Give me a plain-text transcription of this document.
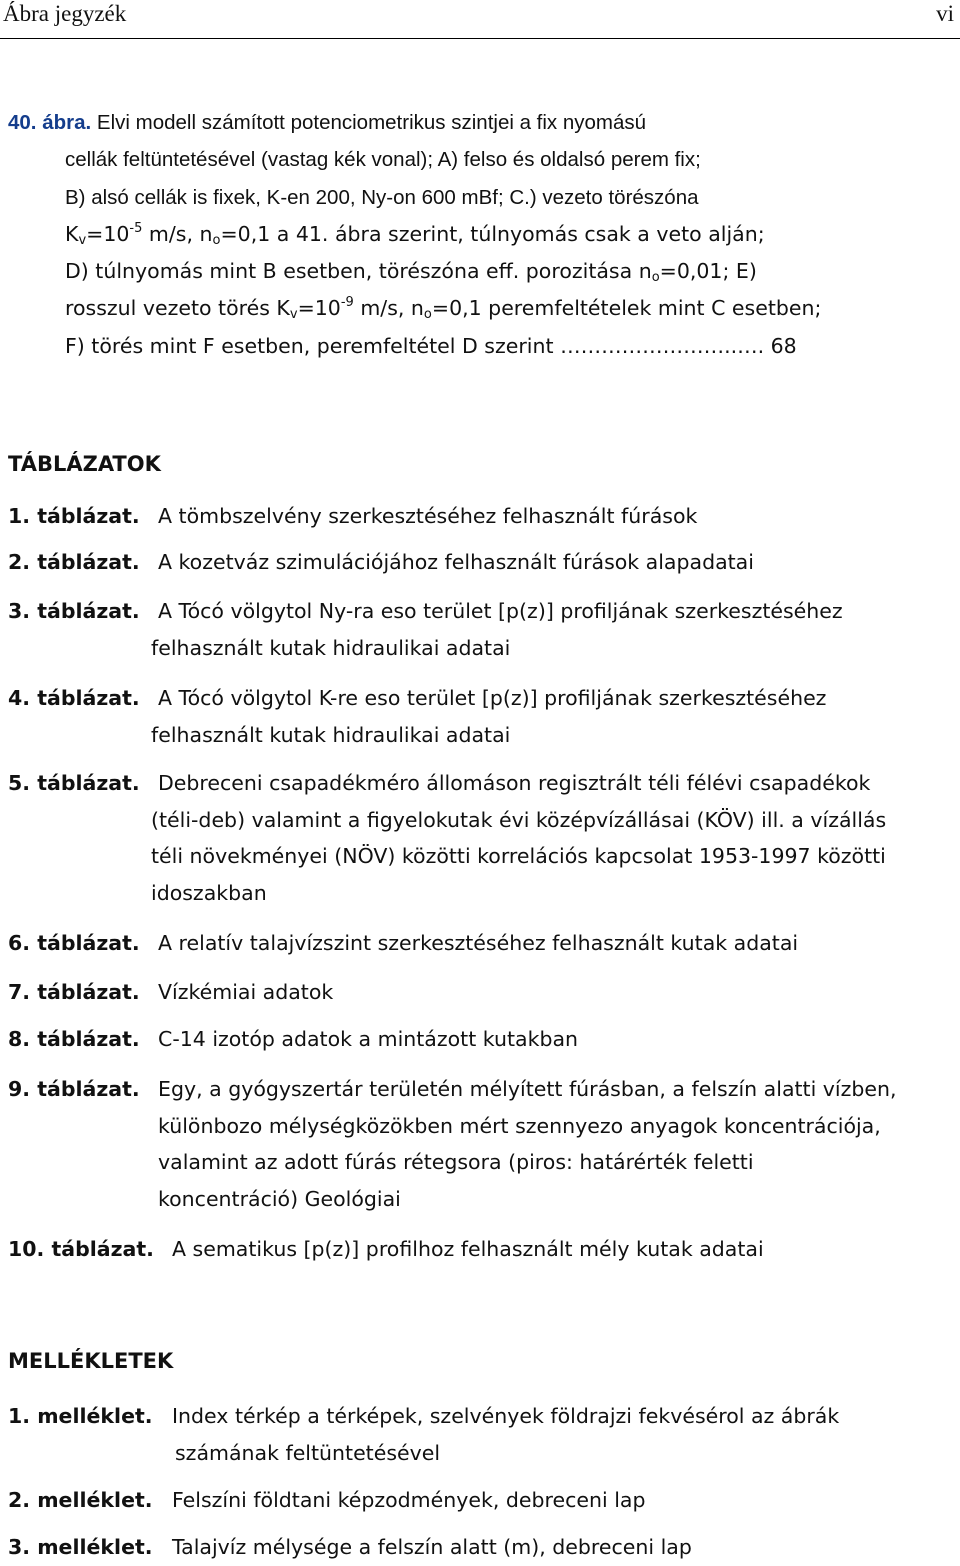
Ábra jegyzék	vi
40. ábra. Elvi modell számított potenciometrikus szintjei a fix nyomású
cellák feltüntetésével (vastag kék vonal); A) felso és oldalsó perem fix;
B) alsó cellák is fixek, K-en 200, Ny-on 600 mBf; C.) vezeto törészóna
$K_v=10^{-5}$ m/s, $n_o=0,1$ a 41. ábra szerint, túlnyomás csak a veto alján;
D) túlnyomás mint B esetben, törészóna eff. porozitása $n_o=0,01$; E)
rosszul vezeto törés $K_v=10^{-9}$ m/s, $n_o=0,1$ peremfeltételek mint C esetben;
F) törés mint F esetben, peremfeltétel D szerint ……………………..…. 68
TÁBLÁZATOK
1. táblázat. A tömbszelvény szerkesztéséhez felhasznált fúrások
2. táblázat. A kozetváz szimulációjához felhasznált fúrások alapadatai
3. táblázat. A Tócó völgytol Ny-ra eso terület [p(z)] profiljának szerkesztéséhez
felhasznált kutak hidraulikai adatai
4. táblázat. A Tócó völgytol K-re eso terület [p(z)] profiljának szerkesztéséhez
felhasznált kutak hidraulikai adatai
5. táblázat. Debreceni csapadékméro állomáson regisztrált téli félévi csapadékok
(téli-deb) valamint a figyelokutak évi középvízállásai (KÖV) ill. a vízállás
téli növekményei (NÖV) közötti korrelációs kapcsolat 1953-1997 közötti
idoszakban
6. táblázat. A relatív talajvízszint szerkesztéséhez felhasznált kutak adatai
7. táblázat. Vízkémiai adatok
8. táblázat. C-14 izotóp adatok a mintázott kutakban
9. táblázat. Egy, a gyógyszertár területén mélyített fúrásban, a felszín alatti vízben,
különbozo mélységközökben mért szennyezo anyagok koncentrációja,
valamint az adott fúrás rétegsora (piros: határérték feletti
koncentráció) Geológiai
10. táblázat. A sematikus [p(z)] profilhoz felhasznált mély kutak adatai
MELLÉKLETEK
1. melléklet. Index térkép a térképek, szelvények földrajzi fekvésérol az ábrák
számának feltüntetésével
2. melléklet. Felszíni földtani képzodmények, debreceni lap
3. melléklet. Talajvíz mélysége a felszín alatt (m), debreceni lap
